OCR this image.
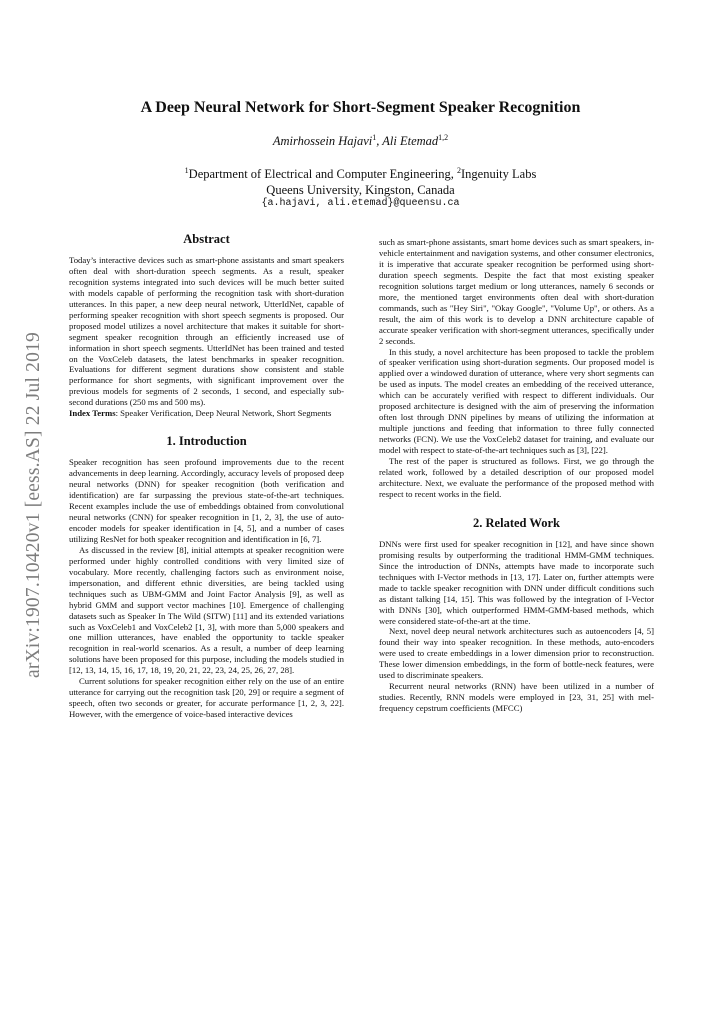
arXiv:1907.10420v1 [eess.AS] 22 Jul 2019
A Deep Neural Network for Short-Segment Speaker Recognition
Amirhossein Hajavi$^1$, Ali Etemad$^{1,2}$
$^1$Department of Electrical and Computer Engineering, $^2$Ingenuity Labs
Queens University, Kingston, Canada
{a.hajavi, ali.etemad}@queensu.ca
Abstract

Today’s interactive devices such as smart-phone assistants and smart speakers often deal with short-duration speech segments. As a result, speaker recognition systems integrated into such devices will be much better suited with models capable of performing the recognition task with short-duration utterances. In this paper, a new deep neural network, UtterIdNet, capable of performing speaker recognition with short speech segments is proposed. Our proposed model utilizes a novel architecture that makes it suitable for short-segment speaker recognition through an efficiently increased use of information in short speech segments. UtterIdNet has been trained and tested on the VoxCeleb datasets, the latest benchmarks in speaker recognition. Evaluations for different segment durations show consistent and stable performance for short segments, with significant improvement over the previous models for segments of 2 seconds, 1 second, and especially sub-second durations (250 ms and 500 ms).

Index Terms: Speaker Verification, Deep Neural Network, Short Segments

1. Introduction

Speaker recognition has seen profound improvements due to the recent advancements in deep learning. Accordingly, accuracy levels of proposed deep neural networks (DNN) for speaker recognition (both verification and identification) are far surpassing the previous state-of-the-art techniques. Recent examples include the use of embeddings obtained from convolutional neural networks (CNN) for speaker recognition in [1, 2, 3], the use of auto-encoder models for speaker identification in [4, 5], and a number of cases utilizing ResNet for both speaker recognition and identification in [6, 7].

As discussed in the review [8], initial attempts at speaker recognition were performed under highly controlled conditions with very limited size of vocabulary. More recently, challenging factors such as environment noise, impersonation, and different ethnic diversities, are being tackled using techniques such as UBM-GMM and Joint Factor Analysis [9], as well as hybrid GMM and support vector machines [10]. Emergence of challenging datasets such as Speaker In The Wild (SITW) [11] and its extended variations such as VoxCeleb1 and VoxCeleb2 [1, 3], with more than 5,000 speakers and one million utterances, have enabled the opportunity to tackle speaker recognition in real-world scenarios. As a result, a number of deep learning solutions have been proposed for this purpose, including the models studied in [12, 13, 14, 15, 16, 17, 18, 19, 20, 21, 22, 23, 24, 25, 26, 27, 28].

Current solutions for speaker recognition either rely on the use of an entire utterance for carrying out the recognition task [20, 29] or require a segment of speech, often two seconds or greater, for accurate performance [1, 2, 3, 22]. However, with the emergence of voice-based interactive devices

such as smart-phone assistants, smart home devices such as smart speakers, in-vehicle entertainment and navigation systems, and other consumer electronics, it is imperative that accurate speaker recognition be performed using short-duration speech segments. Despite the fact that most existing speaker recognition solutions target medium or long utterances, namely 6 seconds or more, the mentioned target environments often deal with short-duration commands, such as "Hey Siri", "Okay Google", "Volume Up", or others. As a result, the aim of this work is to develop a DNN architecture capable of accurate speaker verification with short-segment utterances, specifically under 2 seconds.

In this study, a novel architecture has been proposed to tackle the problem of speaker verification using short-duration segments. Our proposed model is applied over a windowed duration of utterance, where very short segments can be used as inputs. The model creates an embedding of the received utterance, which can be accurately verified with respect to different individuals. Our proposed architecture is designed with the aim of preserving the information often lost through DNN pipelines by means of utilizing the information at multiple junctions and feeding that information to three fully connected networks (FCN). We use the VoxCeleb2 dataset for training, and evaluate our model with respect to state-of-the-art techniques such as [3], [22].

The rest of the paper is structured as follows. First, we go through the related work, followed by a detailed description of our proposed model architecture. Next, we evaluate the performance of the proposed method with respect to recent works in the field.

2. Related Work

DNNs were first used for speaker recognition in [12], and have since shown promising results by outperforming the traditional HMM-GMM techniques. Since the introduction of DNNs, attempts have made to incorporate such techniques with I-Vector methods in [13, 17]. Later on, further attempts were made to tackle speaker recognition with DNN under difficult conditions such as distant talking [14, 15]. This was followed by the integration of I-Vector with DNNs [30], which outperformed HMM-GMM-based methods, which were considered state-of-the-art at the time.

Next, novel deep neural network architectures such as autoencoders [4, 5] found their way into speaker recognition. In these methods, auto-encoders were used to create embeddings in a lower dimension prior to reconstruction. These lower dimension embeddings, in the form of bottle-neck features, were used to discriminate speakers.

Recurrent neural networks (RNN) have been utilized in a number of studies. Recently, RNN models were employed in [23, 31, 25] with mel-frequency cepstrum coefficients (MFCC)
